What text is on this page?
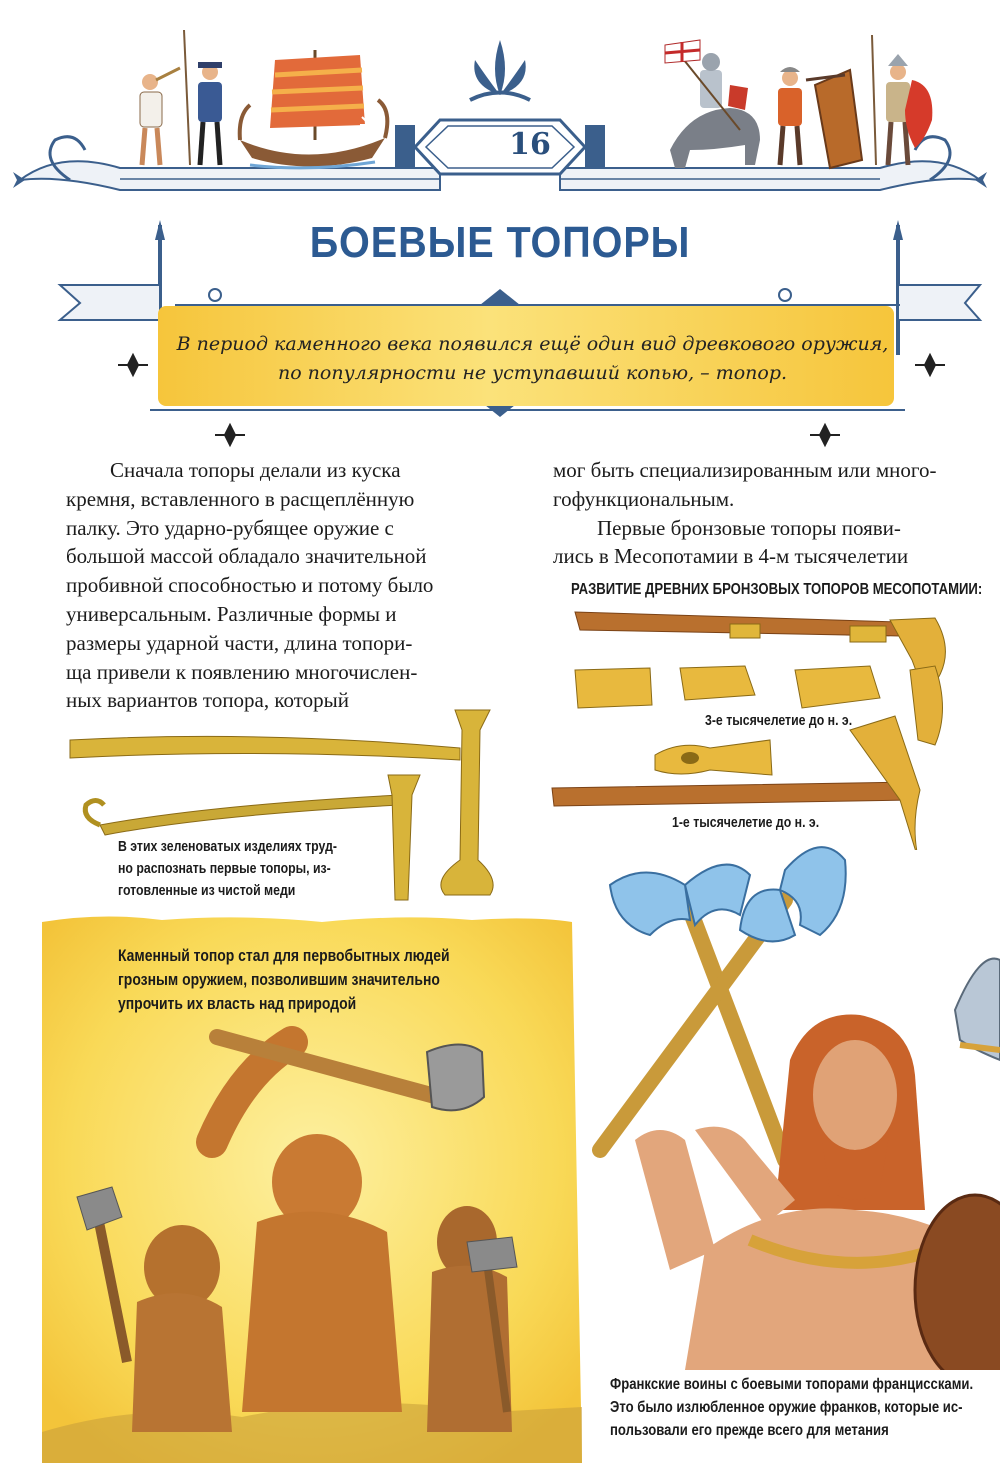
16
БОЕВЫЕ ТОПОРЫ
В период каменного века появился ещё один вид древкового оружия,
по популярности не уступавший копью, – топор.
Сначала топоры делали из куска
кремня, вставленного в расщеплённую
палку. Это ударно-рубящее оружие с
большой массой обладало значительной
пробивной способностью и потому было
универсальным. Различные формы и
размеры ударной части, длина топори-
ща привели к появлению многочислен-
ных вариантов топора, который
мог быть специализированным или много-
гофункциональным.
Первые бронзовые топоры появи-
лись в Месопотамии в 4-м тысячелетии
РАЗВИТИЕ ДРЕВНИХ БРОНЗОВЫХ ТОПОРОВ МЕСОПОТАМИИ:
3-е тысячелетие до н. э.
1-е тысячелетие до н. э.
В этих зеленоватых изделиях труд-
но распознать первые топоры, из-
готовленные из чистой меди
Каменный топор стал для первобытных людей
грозным оружием, позволившим значительно
упрочить их власть над природой
Франкские воины с боевыми топорами франциссками.
Это было излюбленное оружие франков, которые ис-
пользовали его прежде всего для метания
